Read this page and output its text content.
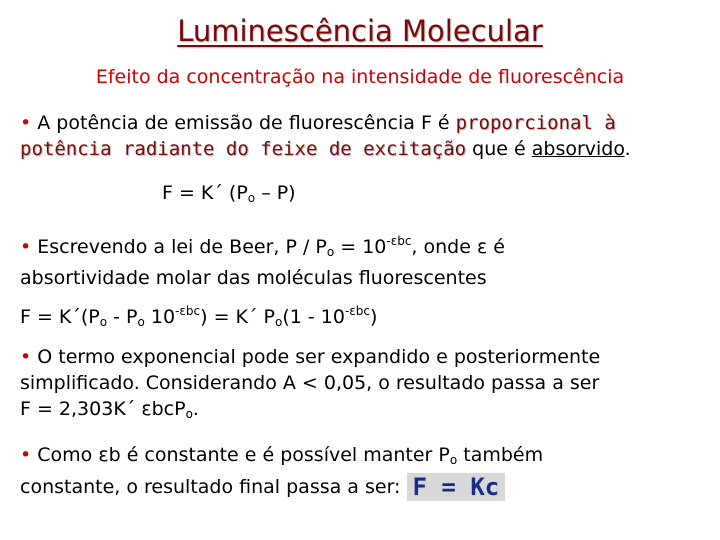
Luminescência Molecular
Efeito da concentração na intensidade de fluorescência
• A potência de emissão de fluorescência F é proporcional à
potência radiante do feixe de excitação que é absorvido.
F = K´ $(P_o - P)$
• Escrevendo a lei de Beer, $P / P_o = 10^{-\varepsilon bc}$, onde ε é
absortividade molar das moléculas fluorescentes
$F = K´(P_o - P_o$ $10^{-\varepsilon bc}$) = K´ $P_o(1 - 10^{-\varepsilon bc})$
• O termo exponencial pode ser expandido e posteriormente
simplificado. Considerando A < 0,05, o resultado passa a ser
F = 2,303K´ εbcP$_o$.
• Como εb é constante e é possível manter $P_o$ também
constante, o resultado final passa a ser: F = Kc
